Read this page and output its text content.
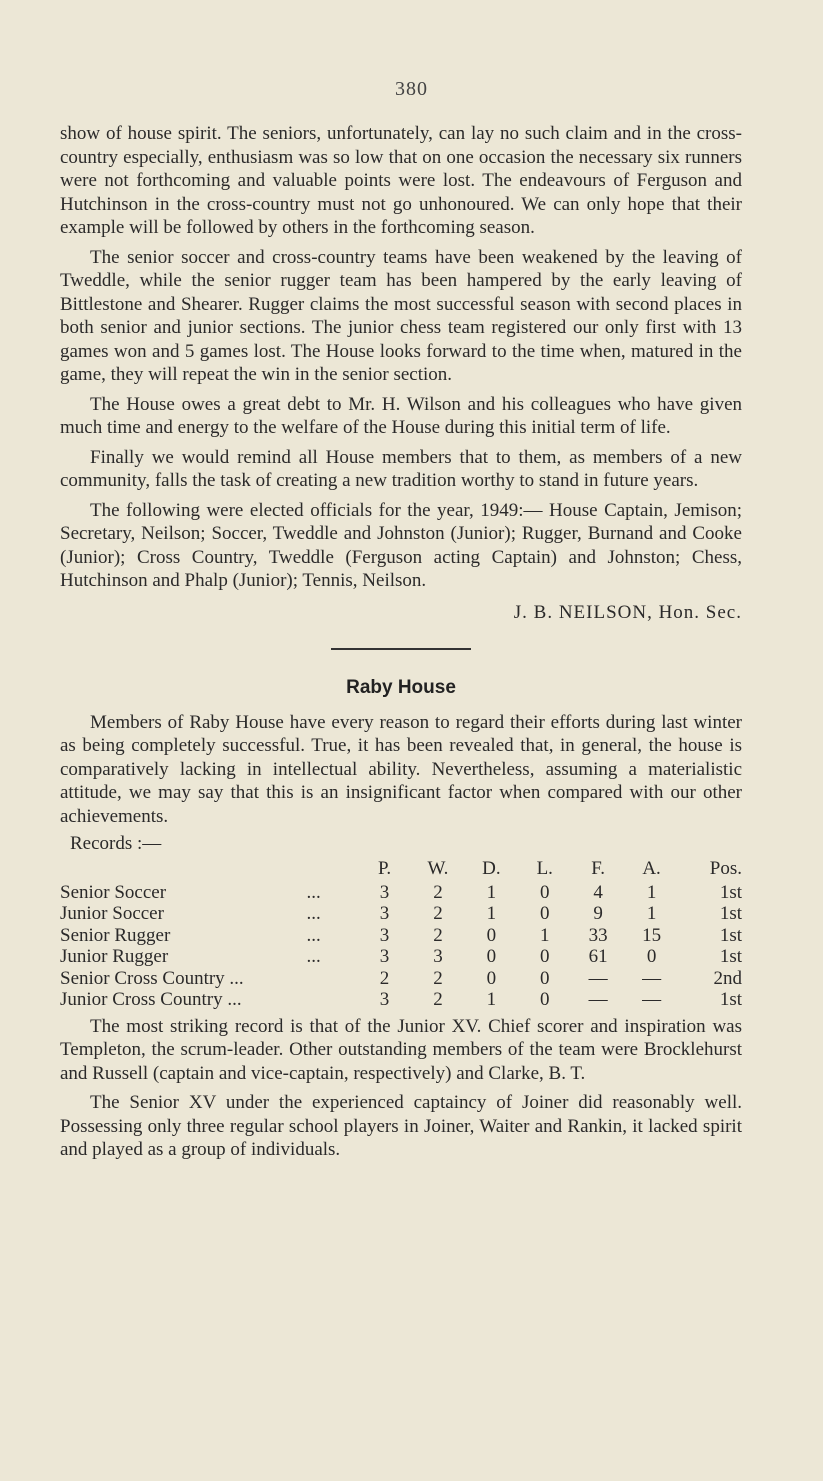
380

show of house spirit. The seniors, unfortunately, can lay no such claim and in the cross-country especially, enthusiasm was so low that on one occasion the necessary six runners were not forthcoming and valuable points were lost. The endeavours of Ferguson and Hutchinson in the cross-country must not go unhonoured. We can only hope that their example will be followed by others in the forthcoming season.

The senior soccer and cross-country teams have been weakened by the leaving of Tweddle, while the senior rugger team has been hampered by the early leaving of Bittlestone and Shearer. Rugger claims the most successful season with second places in both senior and junior sections. The junior chess team registered our only first with 13 games won and 5 games lost. The House looks forward to the time when, matured in the game, they will repeat the win in the senior section.

The House owes a great debt to Mr. H. Wilson and his colleagues who have given much time and energy to the welfare of the House during this initial term of life.

Finally we would remind all House members that to them, as members of a new community, falls the task of creating a new tradition worthy to stand in future years.

The following were elected officials for the year, 1949:— House Captain, Jemison; Secretary, Neilson; Soccer, Tweddle and Johnston (Junior); Rugger, Burnand and Cooke (Junior); Cross Country, Tweddle (Ferguson acting Captain) and Johnston; Chess, Hutchinson and Phalp (Junior); Tennis, Neilson.

J. B. NEILSON, Hon. Sec.
Raby House

Members of Raby House have every reason to regard their efforts during last winter as being completely successful. True, it has been revealed that, in general, the house is comparatively lacking in intellectual ability. Nevertheless, assuming a materialistic attitude, we may say that this is an insignificant factor when compared with our other achievements.

Records :—
		P.	W.	D.	L.	F.	A.	Pos.
Senior Soccer	...	3	2	1	0	4	1	1st
Junior Soccer	...	3	2	1	0	9	1	1st
Senior Rugger	...	3	2	0	1	33	15	1st
Junior Rugger	...	3	3	0	0	61	0	1st
Senior Cross Country ...		2	2	0	0	—	—	2nd
Junior Cross Country ...		3	2	1	0	—	—	1st

The most striking record is that of the Junior XV. Chief scorer and inspiration was Templeton, the scrum-leader. Other outstanding members of the team were Brocklehurst and Russell (captain and vice-captain, respectively) and Clarke, B. T.

The Senior XV under the experienced captaincy of Joiner did reasonably well. Possessing only three regular school players in Joiner, Waiter and Rankin, it lacked spirit and played as a group of individuals.
